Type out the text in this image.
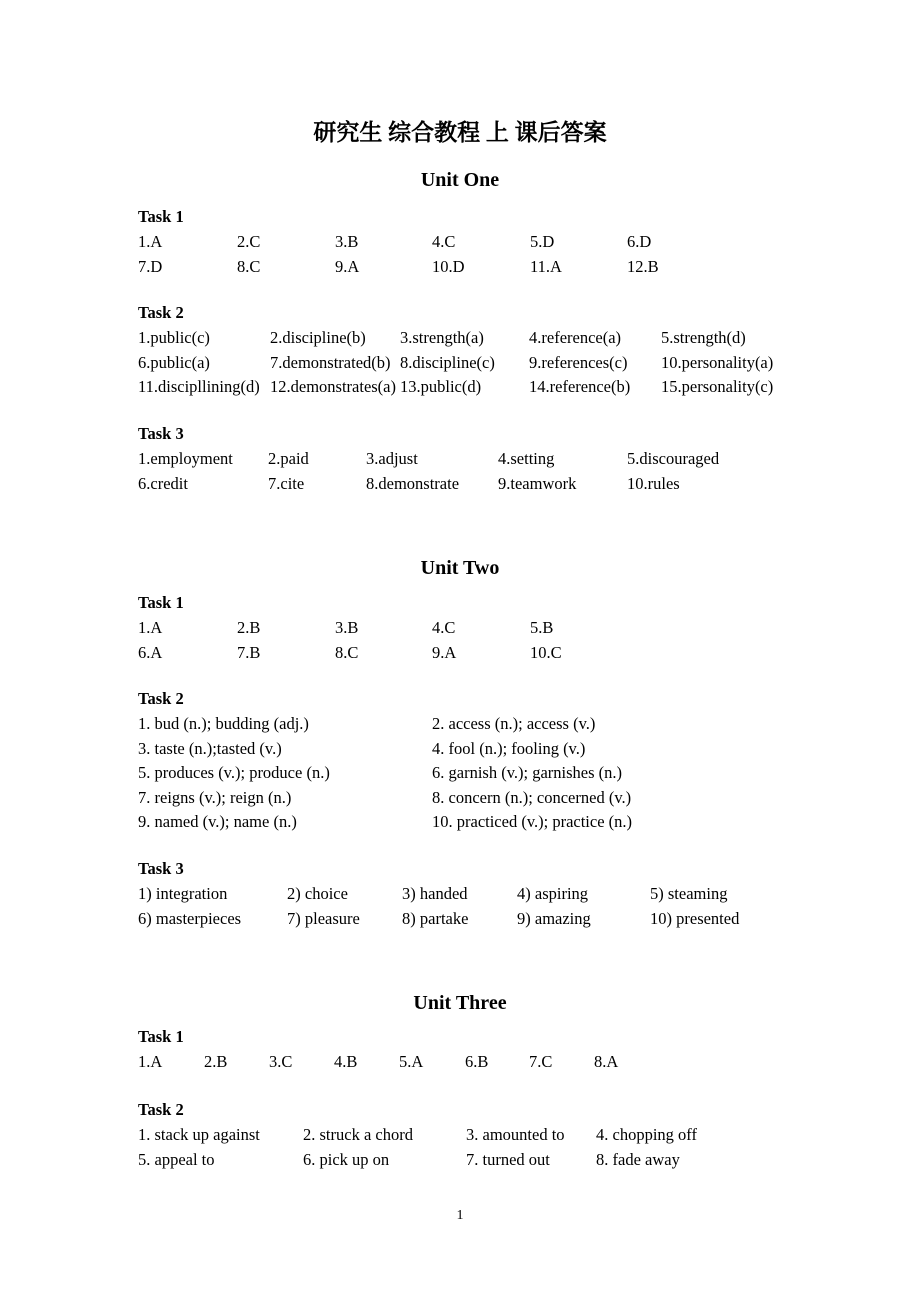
研究生 综合教程 上 课后答案
Unit One
Task 1
1.A	2.C	3.B	4.C	5.D	6.D
7.D	8.C	9.A	10.D	11.A	12.B
Task 2
1.public(c)	2.discipline(b)	3.strength(a)	4.reference(a)	5.strength(d)
6.public(a)	7.demonstrated(b) 8.discipline(c)	9.references(c)	10.personality(a)
11.discipllining(d) 12.demonstrates(a) 13.public(d)	14.reference(b)	15.personality(c)
Task 3
1.employment	2.paid	3.adjust	4.setting	5.discouraged
6.credit	7.cite	8.demonstrate	9.teamwork	10.rules
Unit Two
Task 1
1.A	2.B	3.B	4.C	5.B
6.A	7.B	8.C	9.A	10.C
Task 2
1. bud (n.); budding (adj.)	2. access (n.); access (v.)
3. taste (n.);tasted (v.)	4. fool (n.); fooling (v.)
5. produces (v.); produce (n.)	6. garnish (v.); garnishes (n.)
7. reigns (v.); reign (n.)	8. concern (n.); concerned (v.)
9. named (v.); name (n.)	10. practiced (v.); practice (n.)
Task 3
1) integration	2) choice	3) handed	4) aspiring	5) steaming
6) masterpieces	7) pleasure	8) partake	9) amazing	10) presented
Unit Three
Task 1
1.A	2.B	3.C	4.B	5.A	6.B	7.C	8.A
Task 2
1. stack up against	2. struck a chord	3. amounted to	4. chopping off
5. appeal to	6. pick up on	7. turned out	8. fade away
1
